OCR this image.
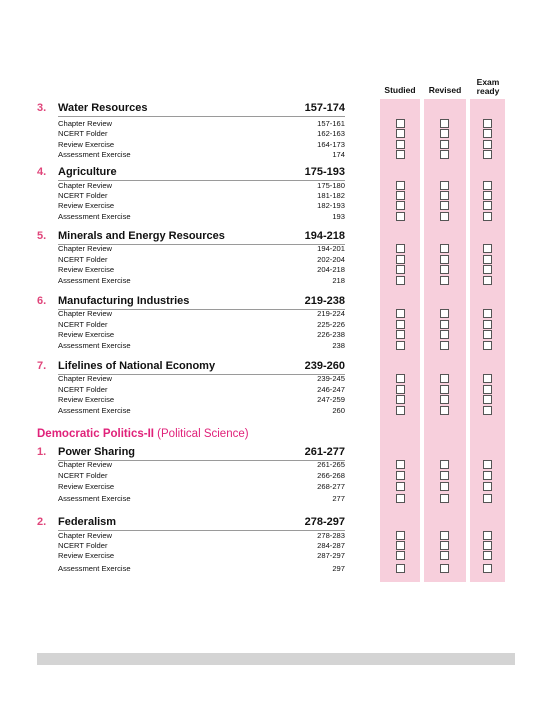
Studied	Revised
Exam ready
Democratic Politics-II (Political Science)
3. Water Resources	157-174
Chapter Review	157-161
NCERT Folder	162-163
Review Exercise	164-173
Assessment Exercise	174
4. Agriculture	175-193
Chapter Review	175-180
NCERT Folder	181-182
Review Exercise	182-193
Assessment Exercise	193
5. Minerals and Energy Resources	194-218
Chapter Review	194-201
NCERT Folder	202-204
Review Exercise	204-218
Assessment Exercise	218
6. Manufacturing Industries	219-238
Chapter Review	219-224
NCERT Folder	225-226
Review Exercise	226-238
Assessment Exercise	238
7. Lifelines of National Economy	239-260
Chapter Review	239-245
NCERT Folder	246-247
Review Exercise	247-259
Assessment Exercise	260
1. Power Sharing	261-277
Chapter Review	261-265
NCERT Folder	266-268
Review Exercise	268-277
Assessment Exercise	277
2. Federalism	278-297
Chapter Review	278-283
NCERT Folder	284-287
Review Exercise	287-297
Assessment Exercise	297
